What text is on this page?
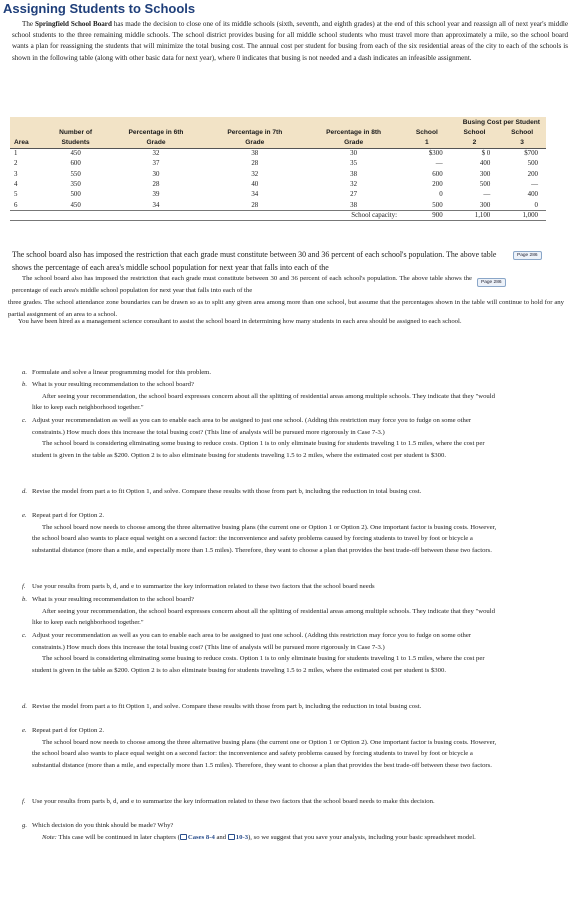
Assigning Students to Schools
The Springfield School Board has made the decision to close one of its middle schools (sixth, seventh, and eighth grades) at the end of this school year and reassign all of next year's middle school students to the three remaining middle schools. The school district provides busing for all middle school students who must travel more than approximately a mile, so the school board wants a plan for reassigning the students that will minimize the total busing cost. The annual cost per student for busing from each of the six residential areas of the city to each of the schools is shown in the following table (along with other basic data for next year), where 0 indicates that busing is not needed and a dash indicates an infeasible assignment.
					Busing Cost per Student		
	Number of	Percentage in 6th	Percentage in 7th	Percentage in 8th	School	School	School
Area	Students	Grade	Grade	Grade	1	2	3
1	450	32	38	30	$300	$ 0	$700
2	600	37	28	35	—	400	500
3	550	30	32	38	600	300	200
4	350	28	40	32	200	500	—
5	500	39	34	27	0	—	400
6	450	34	28	38	500	300	0
				School capacity:	900	1,100	1,000
The school board also has imposed the restriction that each grade must constitute between 30 and 36 percent of each school's population. The above table shows the percentage of each area's middle school population for next year that falls into each of the
Page 286
The school board also has imposed the restriction that each grade must constitute between 30 and 36 percent of each school's population. The above table shows the percentage of each area's middle school population for next year that falls into each of the
Page 286
three grades. The school attendance zone boundaries can be drawn so as to split any given area among more than one school, but assume that the percentages shown in the table will continue to hold for any partial assignment of an area to a school.
You have been hired as a management science consultant to assist the school board in determining how many students in each area should be assigned to each school.
a. Formulate and solve a linear programming model for this problem.
b. What is your resulting recommendation to the school board?
After seeing your recommendation, the school board expresses concern about all the splitting of residential areas among multiple schools. They indicate that they "would like to keep each neighborhood together."
c. Adjust your recommendation as well as you can to enable each area to be assigned to just one school. (Adding this restriction may force you to fudge on some other constraints.) How much does this increase the total busing cost? (This line of analysis will be pursued more rigorously in Case 7-3.)
The school board is considering eliminating some busing to reduce costs. Option 1 is to only eliminate busing for students traveling 1 to 1.5 miles, where the cost per student is given in the table as $200. Option 2 is to also eliminate busing for students traveling 1.5 to 2 miles, where the estimated cost per student is $300.
d. Revise the model from part a to fit Option 1, and solve. Compare these results with those from part b, including the reduction in total busing cost.
e. Repeat part d for Option 2.
The school board now needs to choose among the three alternative busing plans (the current one or Option 1 or Option 2). One important factor is busing costs. However, the school board also wants to place equal weight on a second factor: the inconvenience and safety problems caused by forcing students to travel by foot or bicycle a substantial distance (more than a mile, and especially more than 1.5 miles). Therefore, they want to choose a plan that provides the best trade-off between these two factors.
f. Use your results from parts b, d, and e to summarize the key information related to these two factors that the school board needs
b. What is your resulting recommendation to the school board?
After seeing your recommendation, the school board expresses concern about all the splitting of residential areas among multiple schools. They indicate that they "would like to keep each neighborhood together."
c. Adjust your recommendation as well as you can to enable each area to be assigned to just one school. (Adding this restriction may force you to fudge on some other constraints.) How much does this increase the total busing cost? (This line of analysis will be pursued more rigorously in Case 7-3.)
The school board is considering eliminating some busing to reduce costs. Option 1 is to only eliminate busing for students traveling 1 to 1.5 miles, where the cost per student is given in the table as $200. Option 2 is to also eliminate busing for students traveling 1.5 to 2 miles, where the estimated cost per student is $300.
d. Revise the model from part a to fit Option 1, and solve. Compare these results with those from part b, including the reduction in total busing cost.
e. Repeat part d for Option 2.
The school board now needs to choose among the three alternative busing plans (the current one or Option 1 or Option 2). One important factor is busing costs. However, the school board also wants to place equal weight on a second factor: the inconvenience and safety problems caused by forcing students to travel by foot or bicycle a substantial distance (more than a mile, and especially more than 1.5 miles). Therefore, they want to choose a plan that provides the best trade-off between these two factors.
f. Use your results from parts b, d, and e to summarize the key information related to these two factors that the school board needs to make this decision.
g. Which decision do you think should be made? Why?
Note: This case will be continued in later chapters ( Cases 8-4 and 10-3), so we suggest that you save your analysis, including your basic spreadsheet model.
